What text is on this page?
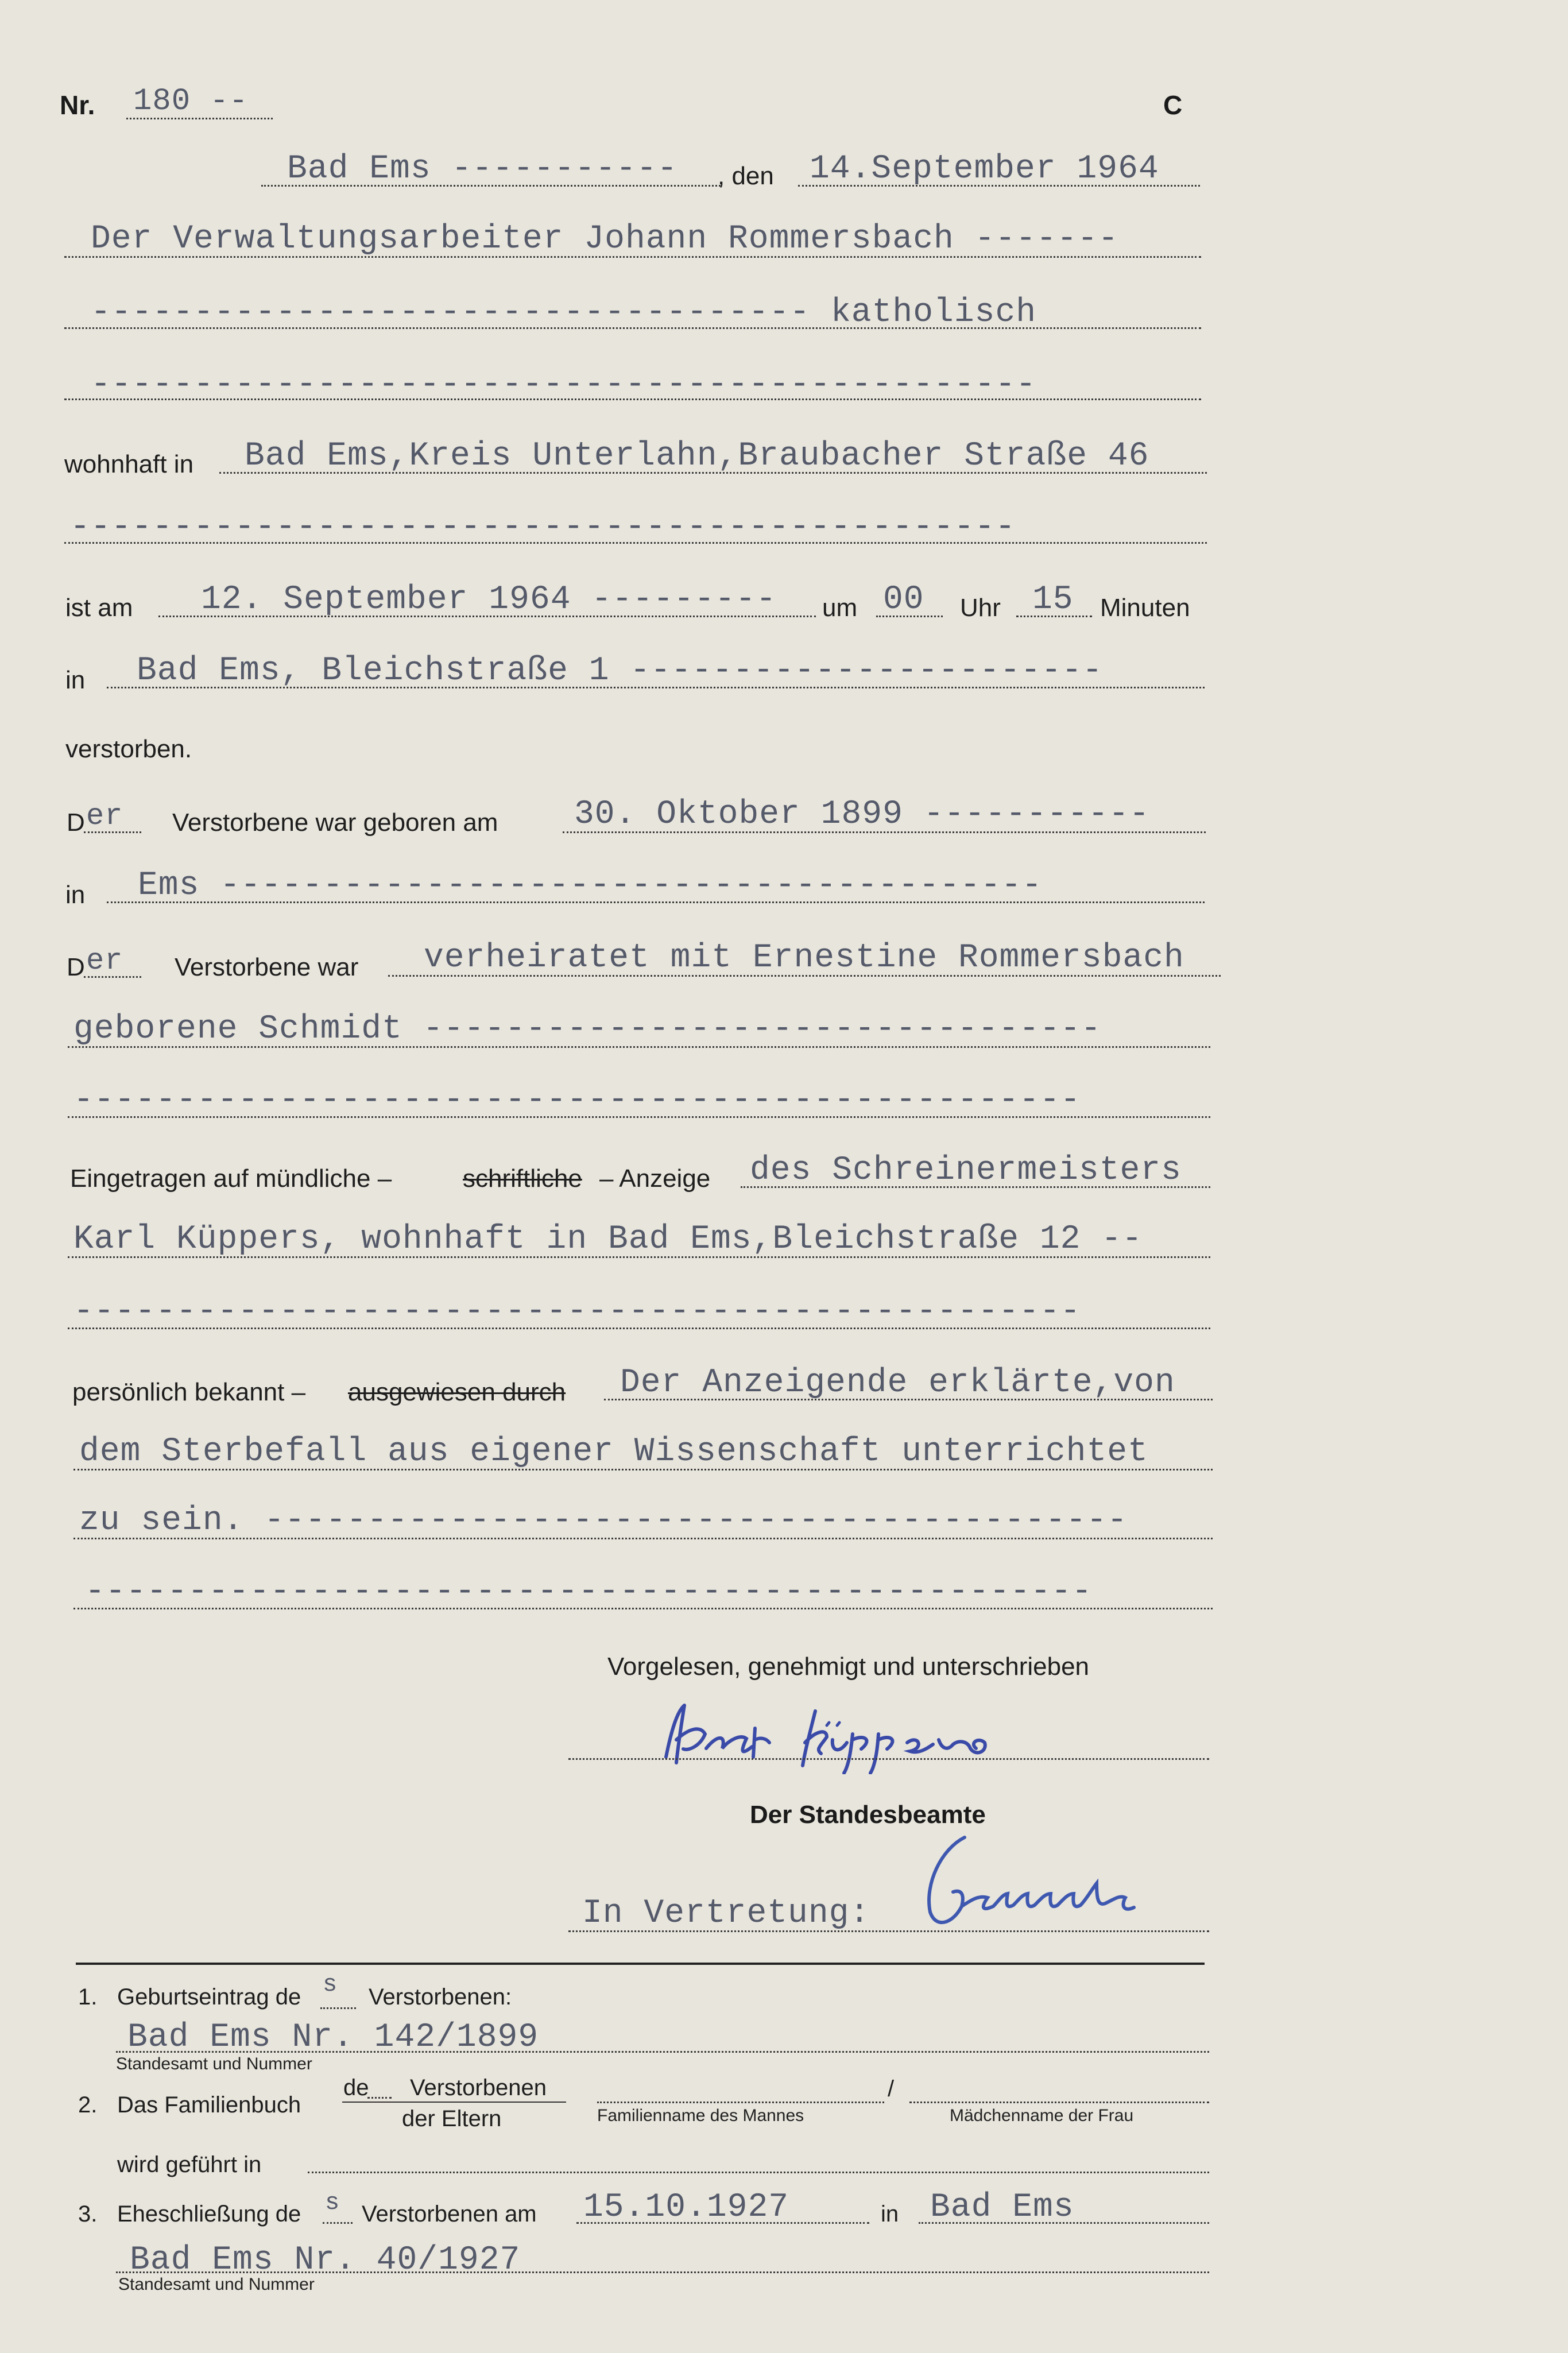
Nr. 180 --	C
Bad Ems ----------- , den 14.September 1964
Der Verwaltungsarbeiter Johann Rommersbach -------
----------------------------------- katholisch
----------------------------------------------
wohnhaft in Bad Ems,Kreis Unterlahn,Braubacher Straße 46
----------------------------------------------
ist am 12. September 1964 --------- um 00 Uhr 15 Minuten
in Bad Ems, Bleichstraße 1 -----------------------
verstorben.
D er Verstorbene war geboren am 30. Oktober 1899 -----------
in Ems ----------------------------------------
D er Verstorbene war verheiratet mit Ernestine Rommersbach
geborene Schmidt ---------------------------------
-------------------------------------------------
Eingetragen auf mündliche –	schriftliche – Anzeige des Schreinermeisters
Karl Küppers, wohnhaft in Bad Ems,Bleichstraße 12 --
-------------------------------------------------
persönlich bekannt – ausgewiesen durch Der Anzeigende erklärte,von
dem Sterbefall aus eigener Wissenschaft unterrichtet
zu sein. ------------------------------------------
-------------------------------------------------
Vorgelesen, genehmigt und unterschrieben
Der Standesbeamte
In Vertretung:
1. Geburtseintrag de s Verstorbenen:
Bad Ems Nr. 142/1899
Standesamt und Nummer
2. Das Familienbuch
de Verstorbenen
der Eltern	Familienname des Mannes
/
Mädchenname der Frau
wird geführt in
3. Eheschließung de s Verstorbenen am 15.10.1927	in Bad Ems
Bad Ems Nr. 40/1927
Standesamt und Nummer
